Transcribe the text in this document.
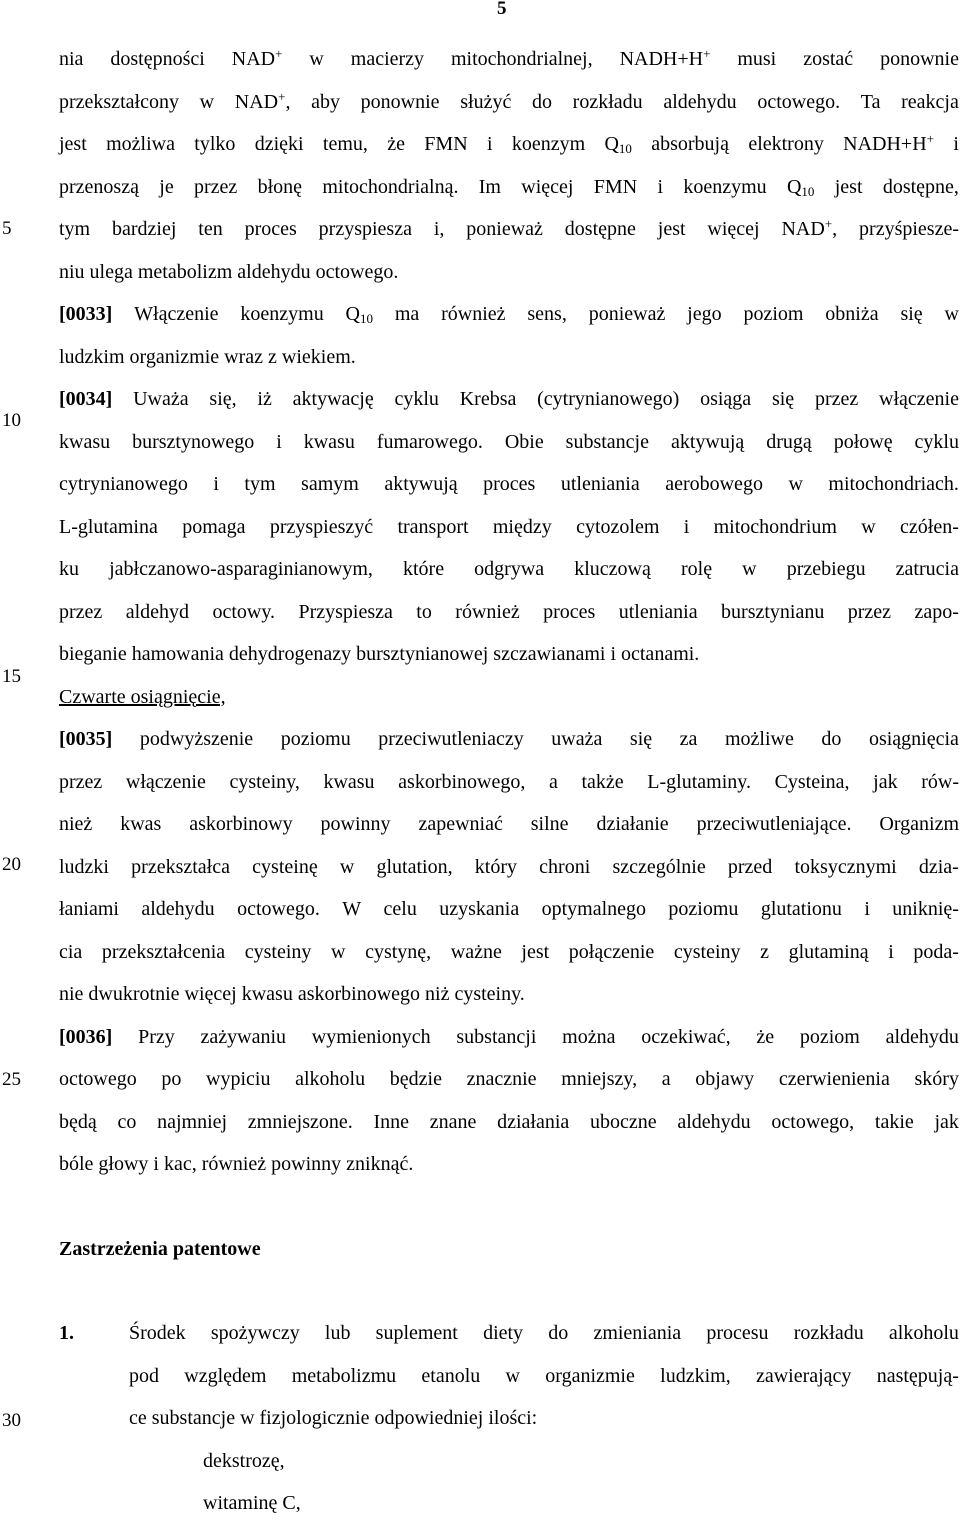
5
5
10
15
20
25
30
nia dostępności NAD+ w macierzy mitochondrialnej, NADH+H+ musi zostać ponownie
przekształcony w NAD+, aby ponownie służyć do rozkładu aldehydu octowego. Ta reakcja
jest możliwa tylko dzięki temu, że FMN i koenzym $Q_{10}$ absorbują elektrony NADH+H+ i
przenoszą je przez błonę mitochondrialną. Im więcej FMN i koenzymu $Q_{10}$ jest dostępne,
tym bardziej ten proces przyspiesza i, ponieważ dostępne jest więcej NAD+, przyśpiesze-
niu ulega metabolizm aldehydu octowego.
[0033] Włączenie koenzymu $Q_{10}$ ma również sens, ponieważ jego poziom obniża się w
ludzkim organizmie wraz z wiekiem.
[0034] Uważa się, iż aktywację cyklu Krebsa (cytrynianowego) osiąga się przez włączenie
kwasu bursztynowego i kwasu fumarowego. Obie substancje aktywują drugą połowę cyklu
cytrynianowego i tym samym aktywują proces utleniania aerobowego w mitochondriach.
L-glutamina pomaga przyspieszyć transport między cytozolem i mitochondrium w czółen-
ku jabłczanowo-asparaginianowym, które odgrywa kluczową rolę w przebiegu zatrucia
przez aldehyd octowy. Przyspiesza to również proces utleniania bursztynianu przez zapo-
bieganie hamowania dehydrogenazy bursztynianowej szczawianami i octanami.
Czwarte osiągnięcie,
[0035] podwyższenie poziomu przeciwutleniaczy uważa się za możliwe do osiągnięcia
przez włączenie cysteiny, kwasu askorbinowego, a także L-glutaminy. Cysteina, jak rów-
nież kwas askorbinowy powinny zapewniać silne działanie przeciwutleniające. Organizm
ludzki przekształca cysteinę w glutation, który chroni szczególnie przed toksycznymi dzia-
łaniami aldehydu octowego. W celu uzyskania optymalnego poziomu glutationu i uniknię-
cia przekształcenia cysteiny w cystynę, ważne jest połączenie cysteiny z glutaminą i poda-
nie dwukrotnie więcej kwasu askorbinowego niż cysteiny.
[0036] Przy zażywaniu wymienionych substancji można oczekiwać, że poziom aldehydu
octowego po wypiciu alkoholu będzie znacznie mniejszy, a objawy czerwienienia skóry
będą co najmniej zmniejszone. Inne znane działania uboczne aldehydu octowego, takie jak
bóle głowy i kac, również powinny zniknąć.
Zastrzeżenia patentowe
1.	Środek spożywczy lub suplement diety do zmieniania procesu rozkładu alkoholu
pod względem metabolizmu etanolu w organizmie ludzkim, zawierający następują-
ce substancje w fizjologicznie odpowiedniej ilości:
dekstrozę,
witaminę C,
